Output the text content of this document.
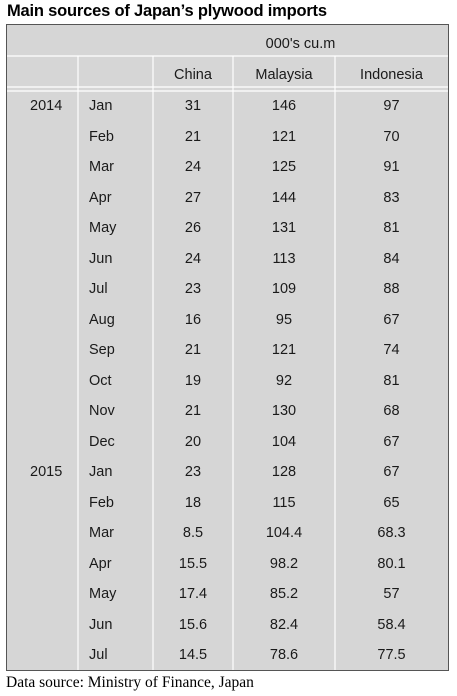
Main sources of Japan’s plywood imports
000's cu.m
China	Malaysia	Indonesia
2014 Jan	31	146	97
Feb	21	121	70
Mar	24	125	91
Apr	27	144	83
May	26	131	81
Jun	24	113	84
Jul	23	109	88
Aug	16	95	67
Sep	21	121	74
Oct	19	92	81
Nov	21	130	68
Dec	20	104	67
2015 Jan	23	128	67
Feb	18	115	65
Mar	8.5	104.4	68.3
Apr	15.5	98.2	80.1
May	17.4	85.2	57
Jun	15.6	82.4	58.4
Jul	14.5	78.6	77.5
Data source: Ministry of Finance, Japan
